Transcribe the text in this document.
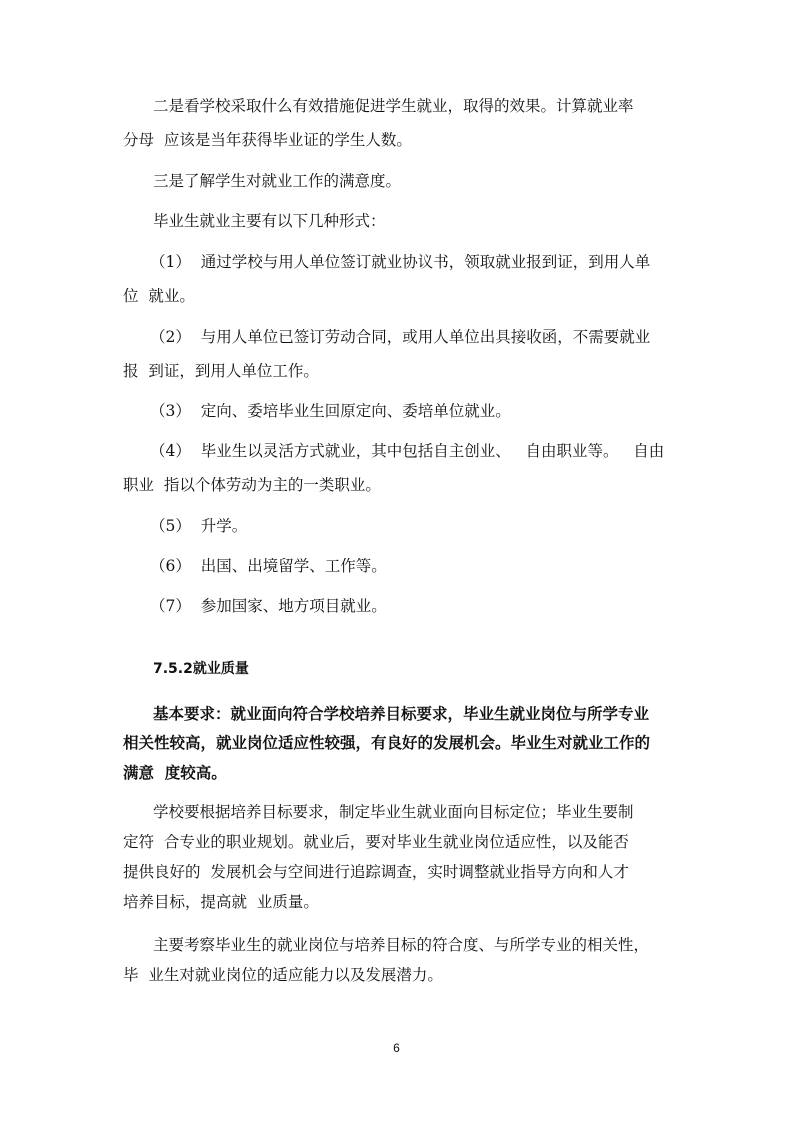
二是看学校采取什么有效措施促进学生就业，取得的效果。计算就业率
分母  应该是当年获得毕业证的学生人数。
三是了解学生对就业工作的满意度。
毕业生就业主要有以下几种形式：
（1）  通过学校与用人单位签订就业协议书，领取就业报到证，到用人单
位  就业。
（2）  与用人单位已签订劳动合同，或用人单位出具接收函，不需要就业
报  到证，到用人单位工作。
（3）  定向、委培毕业生回原定向、委培单位就业。
（4）  毕业生以灵活方式就业，其中包括自主创业、   自由职业等。   自由
职业  指以个体劳动为主的一类职业。
（5）  升学。
（6）  出国、出境留学、工作等。
（7）  参加国家、地方项目就业。
7.5.2就业质量
基本要求：就业面向符合学校培养目标要求，毕业生就业岗位与所学专业
相关性较高，就业岗位适应性较强，有良好的发展机会。毕业生对就业工作的
满意  度较高。
学校要根据培养目标要求，制定毕业生就业面向目标定位；毕业生要制
定符  合专业的职业规划。就业后，要对毕业生就业岗位适应性，以及能否
提供良好的  发展机会与空间进行追踪调查，实时调整就业指导方向和人才
培养目标，提高就  业质量。
主要考察毕业生的就业岗位与培养目标的符合度、与所学专业的相关性，
毕  业生对就业岗位的适应能力以及发展潜力。
6
